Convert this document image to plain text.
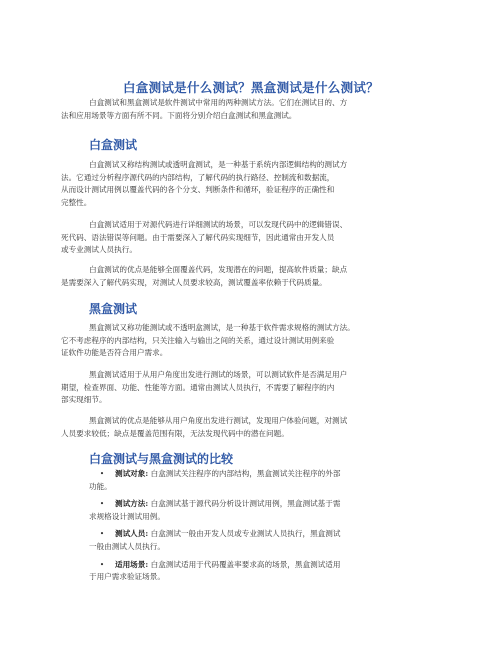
白盒测试是什么测试？黑盒测试是什么测试？
白盒测试和黑盒测试是软件测试中常用的两种测试方法。它们在测试目的、方
法和应用场景等方面有所不同。下面将分别介绍白盒测试和黑盒测试。
白盒测试
白盒测试又称结构测试或透明盒测试，是一种基于系统内部逻辑结构的测试方
法。它通过分析程序源代码的内部结构，了解代码的执行路径、控制流和数据流，
从而设计测试用例以覆盖代码的各个分支、判断条件和循环，验证程序的正确性和
完整性。
白盒测试适用于对源代码进行详细测试的场景，可以发现代码中的逻辑错误、
死代码、语法错误等问题。由于需要深入了解代码实现细节，因此通常由开发人员
或专业测试人员执行。
白盒测试的优点是能够全面覆盖代码，发现潜在的问题，提高软件质量；缺点
是需要深入了解代码实现，对测试人员要求较高，测试覆盖率依赖于代码质量。
黑盒测试
黑盒测试又称功能测试或不透明盒测试，是一种基于软件需求规格的测试方法。
它不考虑程序的内部结构，只关注输入与输出之间的关系，通过设计测试用例来验
证软件功能是否符合用户需求。
黑盒测试适用于从用户角度出发进行测试的场景，可以测试软件是否满足用户
期望，检查界面、功能、性能等方面。通常由测试人员执行，不需要了解程序的内
部实现细节。
黑盒测试的优点是能够从用户角度出发进行测试，发现用户体验问题，对测试
人员要求较低；缺点是覆盖范围有限，无法发现代码中的潜在问题。
白盒测试与黑盒测试的比较
• 测试对象: 白盒测试关注程序的内部结构，黑盒测试关注程序的外部
功能。
• 测试方法: 白盒测试基于源代码分析设计测试用例，黑盒测试基于需
求规格设计测试用例。
• 测试人员: 白盒测试一般由开发人员或专业测试人员执行，黑盒测试
一般由测试人员执行。
• 适用场景: 白盒测试适用于代码覆盖率要求高的场景，黑盒测试适用
于用户需求验证场景。
